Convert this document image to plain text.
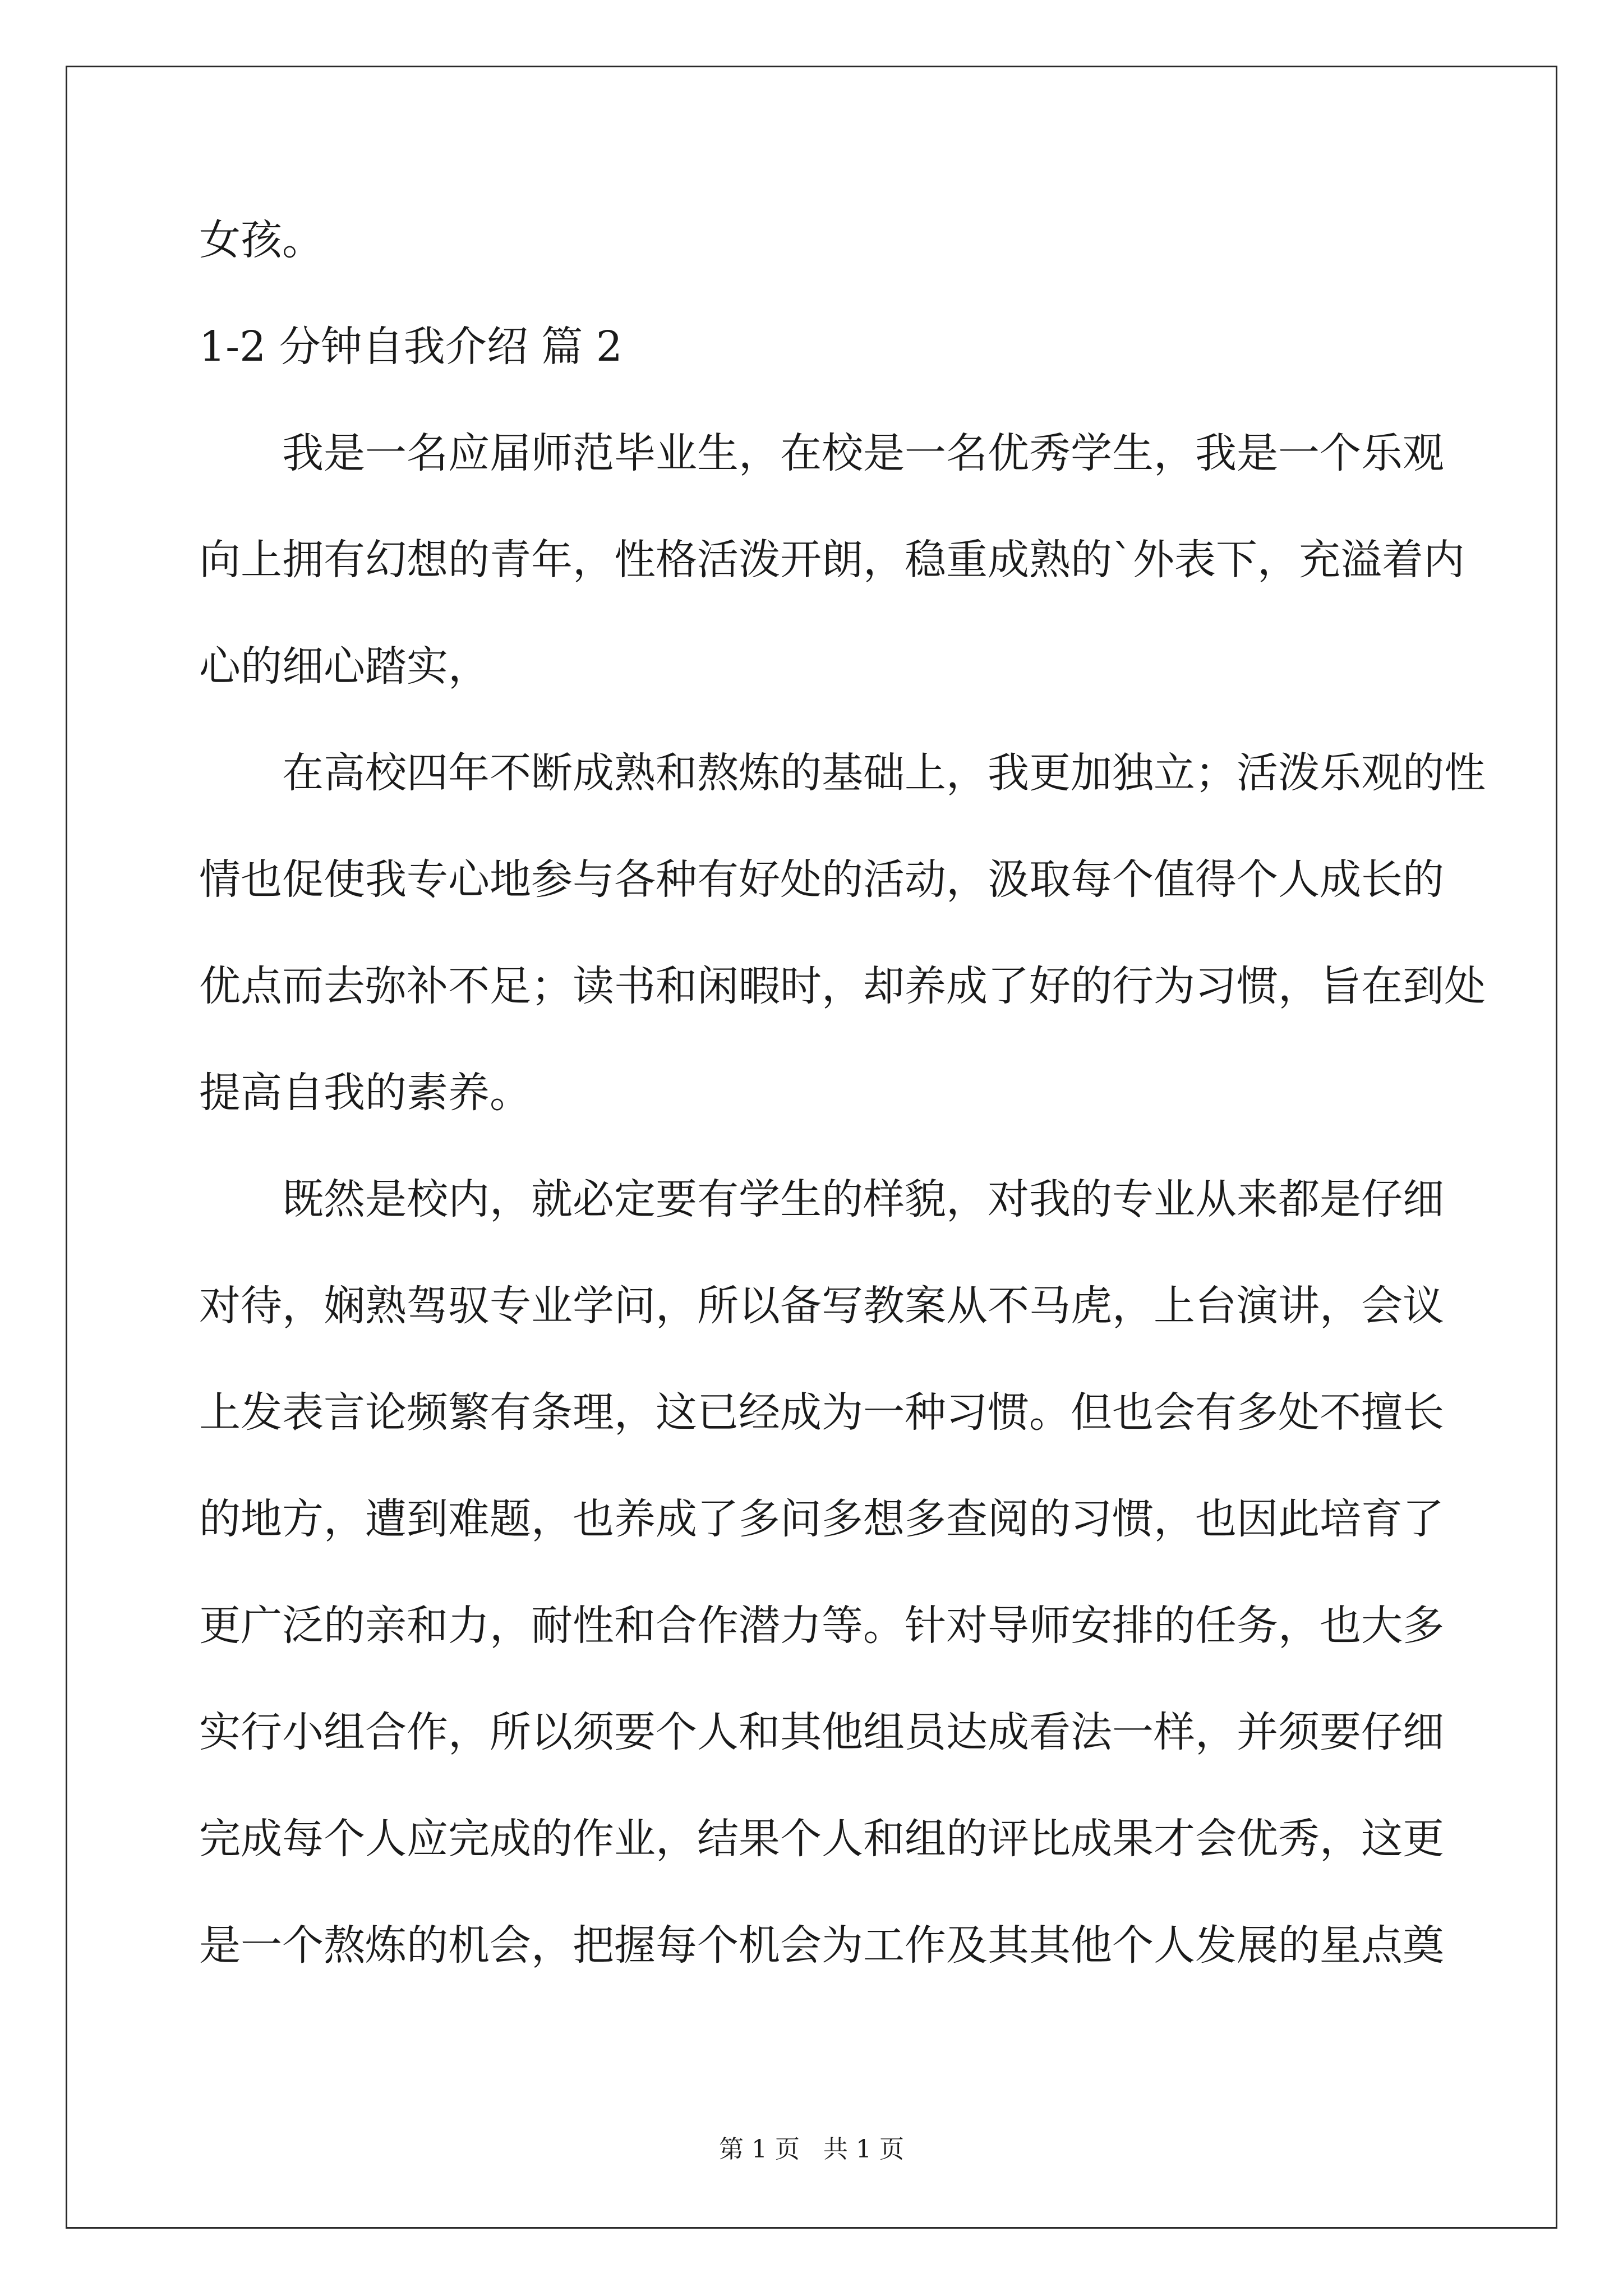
女孩。

1-2 分钟自我介绍 篇 2

我是一名应届师范毕业生，在校是一名优秀学生，我是一个乐观

向上拥有幻想的青年，性格活泼开朗，稳重成熟的`外表下，充溢着内

心的细心踏实，

在高校四年不断成熟和熬炼的基础上，我更加独立；活泼乐观的性

情也促使我专心地参与各种有好处的活动，汲取每个值得个人成长的

优点而去弥补不足；读书和闲暇时，却养成了好的行为习惯，旨在到处

提高自我的素养。

既然是校内，就必定要有学生的样貌，对我的专业从来都是仔细

对待，娴熟驾驭专业学问，所以备写教案从不马虎，上台演讲，会议

上发表言论频繁有条理，这已经成为一种习惯。但也会有多处不擅长

的地方，遭到难题，也养成了多问多想多查阅的习惯，也因此培育了

更广泛的亲和力，耐性和合作潜力等。针对导师安排的任务，也大多

实行小组合作，所以须要个人和其他组员达成看法一样，并须要仔细

完成每个人应完成的作业，结果个人和组的评比成果才会优秀，这更

是一个熬炼的机会，把握每个机会为工作及其其他个人发展的星点奠

第 1 页   共 1 页
